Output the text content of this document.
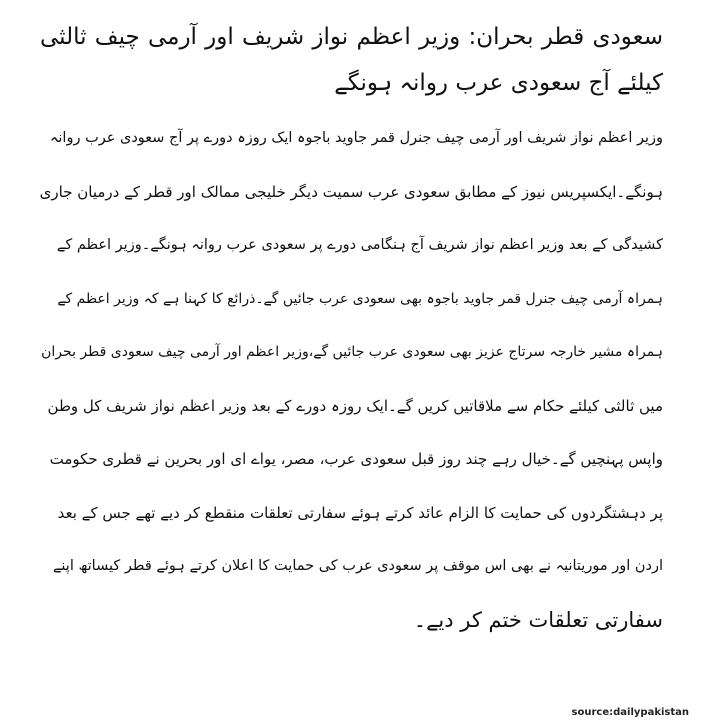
سعودی قطر بحران: وزیر اعظم نواز شریف اور آرمی چیف ثالثی کیلئے آج سعودی عرب روانہ ہونگے
وزیر اعظم نواز شریف اور آرمی چیف جنرل قمر جاوید باجوہ ایک روزہ دورے پر آج سعودی عرب روانہ
ہونگے۔ایکسپریس نیوز کے مطابق سعودی عرب سمیت دیگر خلیجی ممالک اور قطر کے درمیان جاری
کشیدگی کے بعد وزیر اعظم نواز شریف آج ہنگامی دورے پر سعودی عرب روانہ ہونگے۔وزیر اعظم کے
ہمراہ آرمی چیف جنرل قمر جاوید باجوہ بھی سعودی عرب جائیں گے۔ذرائع کا کہنا ہے کہ وزیر اعظم کے
ہمراہ مشیر خارجہ سرتاج عزیز بھی سعودی عرب جائیں گے،وزیر اعظم اور آرمی چیف سعودی قطر بحران
میں ثالثی کیلئے حکام سے ملاقاتیں کریں گے۔ایک روزہ دورے کے بعد وزیر اعظم نواز شریف کل وطن
واپس پہنچیں گے۔خیال رہے چند روز قبل سعودی عرب، مصر، یواے ای اور بحرین نے قطری حکومت
پر دہشتگردوں کی حمایت کا الزام عائد کرتے ہوئے سفارتی تعلقات منقطع کر دیے تھے جس کے بعد
اردن اور موریتانیہ نے بھی اس موقف پر سعودی عرب کی حمایت کا اعلان کرتے ہوئے قطر کیساتھ اپنے
سفارتی تعلقات ختم کر دیے۔
source:dailypakistan
